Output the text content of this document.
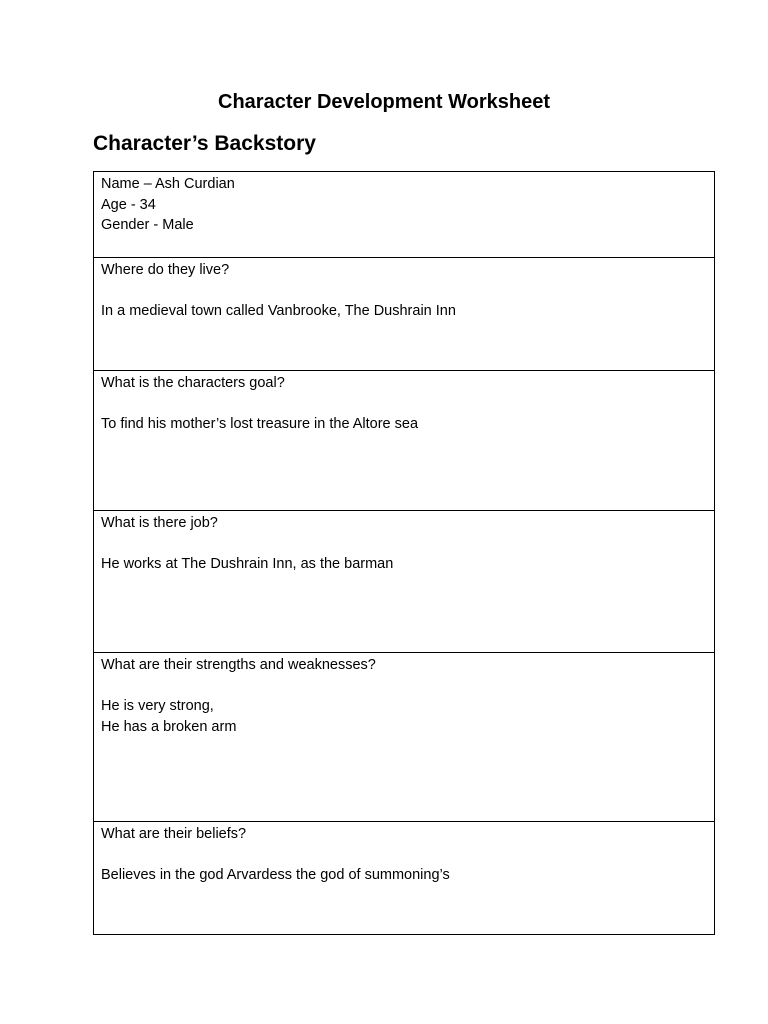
Character Development Worksheet
Character’s Backstory
Name – Ash Curdian
Age - 34
Gender - Male
Where do they live?
In a medieval town called Vanbrooke, The Dushrain Inn
What is the characters goal?
To find his mother’s lost treasure in the Altore sea
What is there job?
He works at The Dushrain Inn, as the barman
What are their strengths and weaknesses?
He is very strong,
He has a broken arm
What are their beliefs?
Believes in the god Arvardess the god of summoning’s
